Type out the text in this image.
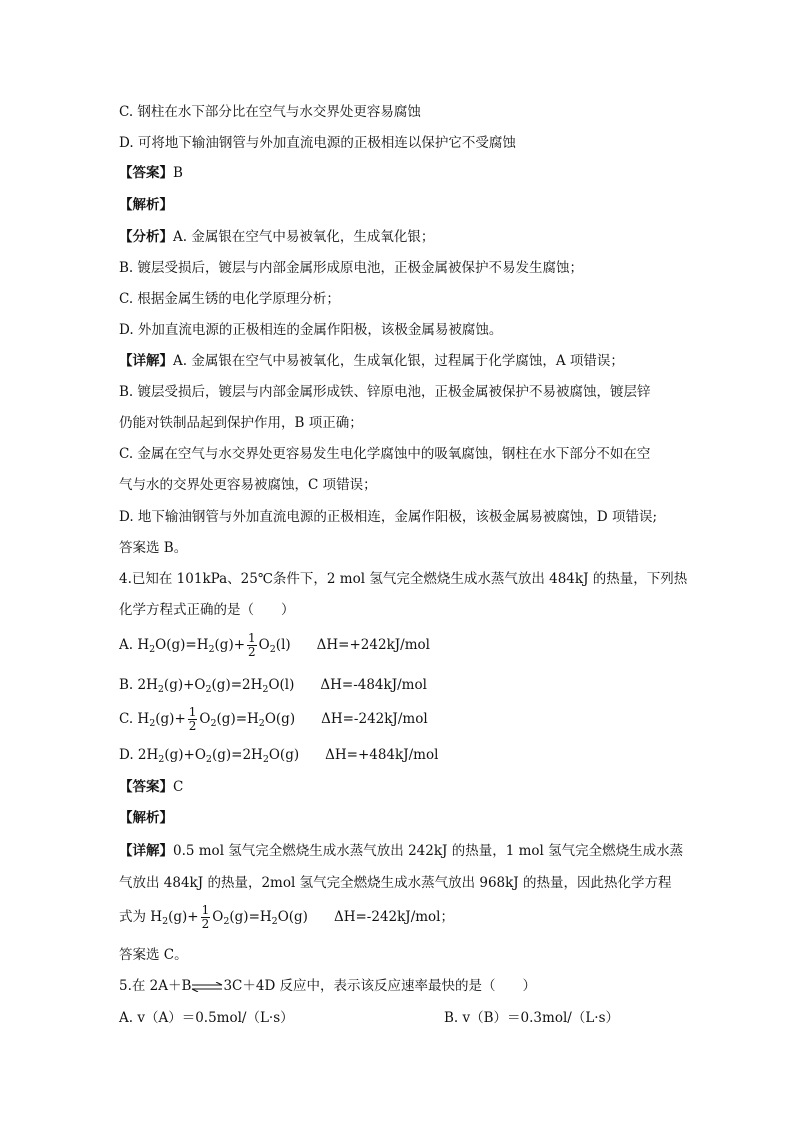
C. 钢柱在水下部分比在空气与水交界处更容易腐蚀
D. 可将地下输油钢管与外加直流电源的正极相连以保护它不受腐蚀
【答案】B
【解析】
【分析】A. 金属银在空气中易被氧化，生成氧化银；
B. 镀层受损后，镀层与内部金属形成原电池，正极金属被保护不易发生腐蚀；
C. 根据金属生锈的电化学原理分析；
D. 外加直流电源的正极相连的金属作阳极，该极金属易被腐蚀。
【详解】A. 金属银在空气中易被氧化，生成氧化银，过程属于化学腐蚀，A 项错误；
B. 镀层受损后，镀层与内部金属形成铁、锌原电池，正极金属被保护不易被腐蚀，镀层锌
仍能对铁制品起到保护作用，B 项正确；
C. 金属在空气与水交界处更容易发生电化学腐蚀中的吸氧腐蚀，钢柱在水下部分不如在空
气与水的交界处更容易被腐蚀，C 项错误；
D. 地下输油钢管与外加直流电源的正极相连，金属作阳极，该极金属易被腐蚀，D 项错误;
答案选 B。
4.已知在 101kPa、25℃条件下，2 mol 氢气完全燃烧生成水蒸气放出 484kJ 的热量，下列热
化学方程式正确的是（　　）
A. $H_2O(g)=H_2(g)+ \frac{1}{2} O_2(l)$ ΔH=+242kJ/mol
B. $2H_2(g)+O_2(g)=2H_2O(l)$ ΔH=-484kJ/mol
C. $H_2(g)+ \frac{1}{2} O_2(g)=H_2O(g)$ ΔH=-242kJ/mol
D. $2H_2(g)+O_2(g)=2H_2O(g)$ ΔH=+484kJ/mol
【答案】C
【解析】
【详解】0.5 mol 氢气完全燃烧生成水蒸气放出 242kJ 的热量，1 mol 氢气完全燃烧生成水蒸
气放出 484kJ 的热量，2mol 氢气完全燃烧生成水蒸气放出 968kJ 的热量，因此热化学方程
式为 $H_2(g)+ \frac{1}{2} O_2(g)=H_2O(g)$ ΔH=-242kJ/mol；
答案选 C。
5.在 2A＋B⇌3C＋4D 反应中，表示该反应速率最快的是（　　）
A. v（A）＝0.5mol/（L·s）	B. v（B）＝0.3mol/（L·s）
